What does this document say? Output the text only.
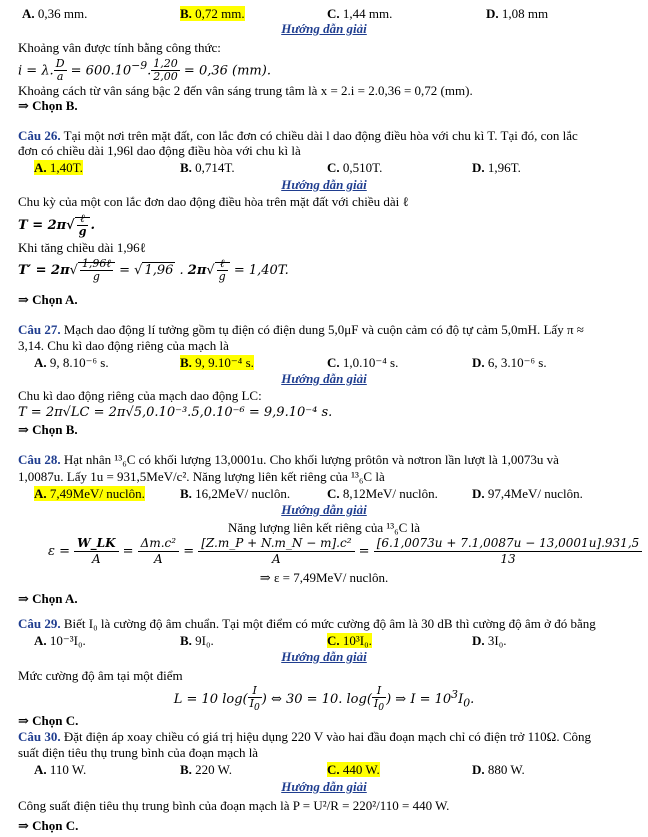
A. 0,36 mm.	B. 0,72 mm.	C. 1,44 mm.	D. 1,08 mm
Hướng dẫn giải
Khoảng vân được tính bằng công thức:
i = λ. $\frac{D}{a} = 600.10^{-9}$. $\frac{1,20}{2,00} = 0,36$ (mm).
Khoảng cách từ vân sáng bậc 2 đến vân sáng trung tâm là x = 2.i = 2.0,36 = 0,72 (mm).
⇒ Chọn B.
Câu 26. Tại một nơi trên mặt đất, con lắc đơn có chiều dài l dao động điều hòa với chu kì T. Tại đó, con lắc
đơn có chiều dài 1,96l dao động điều hòa với chu kì là
A. 1,40T.	B. 0,714T.	C. 0,510T.	D. 1,96T.
Hướng dẫn giải
Chu kỳ của một con lắc đơn dao động điều hòa trên mặt đất với chiều dài ℓ
$T = 2\pi√ \frac{\text{ℓ}}{g}$ .
Khi tăng chiều dài 1,96ℓ
$T' = 2\pi√ \frac{\text{1,96ℓ}}{g}$ = √ 1,96 . $2\pi√ \frac{\text{ℓ}}{g} = 1,40T$.
⇒ Chọn A.
Câu 27. Mạch dao động lí tưởng gồm tụ điện có điện dung 5,0μF và cuộn cảm có độ tự cảm 5,0mH. Lấy π ≈
3,14. Chu kì dao động riêng của mạch là
A. 9, 8.10⁻⁶ s.	B. 9, 9.10⁻⁴ s.	C. 1,0.10⁻⁴ s.	D. 6, 3.10⁻⁶ s.
Hướng dẫn giải
Chu kì dao động riêng của mạch dao động LC:
T = 2π√LC = 2π√5,0.10⁻³.5,0.10⁻⁶ = 9,9.10⁻⁴ s.
⇒ Chọn B.
Câu 28. Hạt nhân ¹³₆C có khối lượng 13,0001u. Cho khối lượng prôtôn và nơtron lần lượt là 1,0073u và
1,0087u. Lấy 1u = 931,5MeV/c². Năng lượng liên kết riêng của ¹³₆C là
A. 7,49MeV/ nuclôn.	B. 16,2MeV/ nuclôn.	C. 8,12MeV/ nuclôn.	D. 97,4MeV/ nuclôn.
Hướng dẫn giải
Năng lượng liên kết riêng của ¹³₆C là
$\varepsilon = \frac{W\_LK}{A} = \frac{\text{Δm.c²}}{A} = \frac{\text{[Z.m\_P + N.m\_N − m].c²}}{A} = \frac{[6.1,0073u + 7.1,0087u - 13,0001u].931,5}{13}$
⇒ ε = 7,49MeV/ nuclôn.
⇒ Chọn A.
Câu 29. Biết I₀ là cường độ âm chuẩn. Tại một điểm có mức cường độ âm là 30 dB thì cường độ âm ở đó bằng
A. 10⁻³I₀.	B. 9I₀.	C. 10³I₀.	D. 3I₀.
Hướng dẫn giải
Mức cường độ âm tại một điểm
L = 10 $\log( \frac{I}{I_0}$ ) ⇔ 30 = 10. $\log( \frac{I}{I_0}$ ) ⇒ $I = 10^3I_0$.
⇒ Chọn C.
Câu 30. Đặt điện áp xoay chiều có giá trị hiệu dụng 220 V vào hai đầu đoạn mạch chỉ có điện trở 110Ω. Công
suất điện tiêu thụ trung bình của đoạn mạch là
A. 110 W.	B. 220 W.	C. 440 W.	D. 880 W.
Hướng dẫn giải
Công suất điện tiêu thụ trung bình của đoạn mạch là P = U²/R = 220²/110 = 440 W.
⇒ Chọn C.
